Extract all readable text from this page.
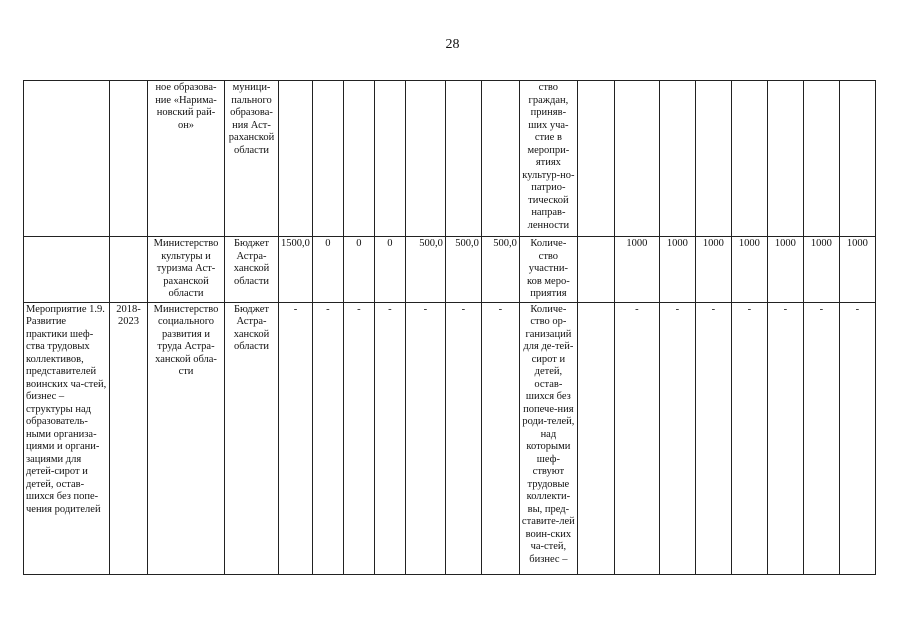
28
		ное образова-ние «Нарима-новский рай-он»	муници-пального образова-ния Аст-раханской области								ство граждан, приняв-ших уча-стие в меропри-ятиях культур-но-патрио-тической направ-ленности								
		Министерство культуры и туризма Аст-раханской области	Бюджет Астра-ханской области	1500,0	0	0	0	500,0	500,0	500,0	Количе-ство участни-ков меро-приятия		1000	1000	1000	1000	1000	1000	1000
Мероприятие 1.9. Развитие практики шеф-ства трудовых коллективов, представителей воинских ча-стей, бизнес – структуры над образователь-ными организа-циями и органи-зациями для детей-сирот и детей, остав-шихся без попе-чения родителей	2018-2023	Министерство социального развития и труда Астра-ханской обла-сти	Бюджет Астра-ханской области	-	-	-	-	-	-	-	Количе-ство ор-ганизаций для де-тей-сирот и детей, остав-шихся без попече-ния роди-телей, над которыми шеф-ствуют трудовые коллекти-вы, пред-ставите-лей воин-ских ча-стей, бизнес –		-	-	-	-	-	-	-
